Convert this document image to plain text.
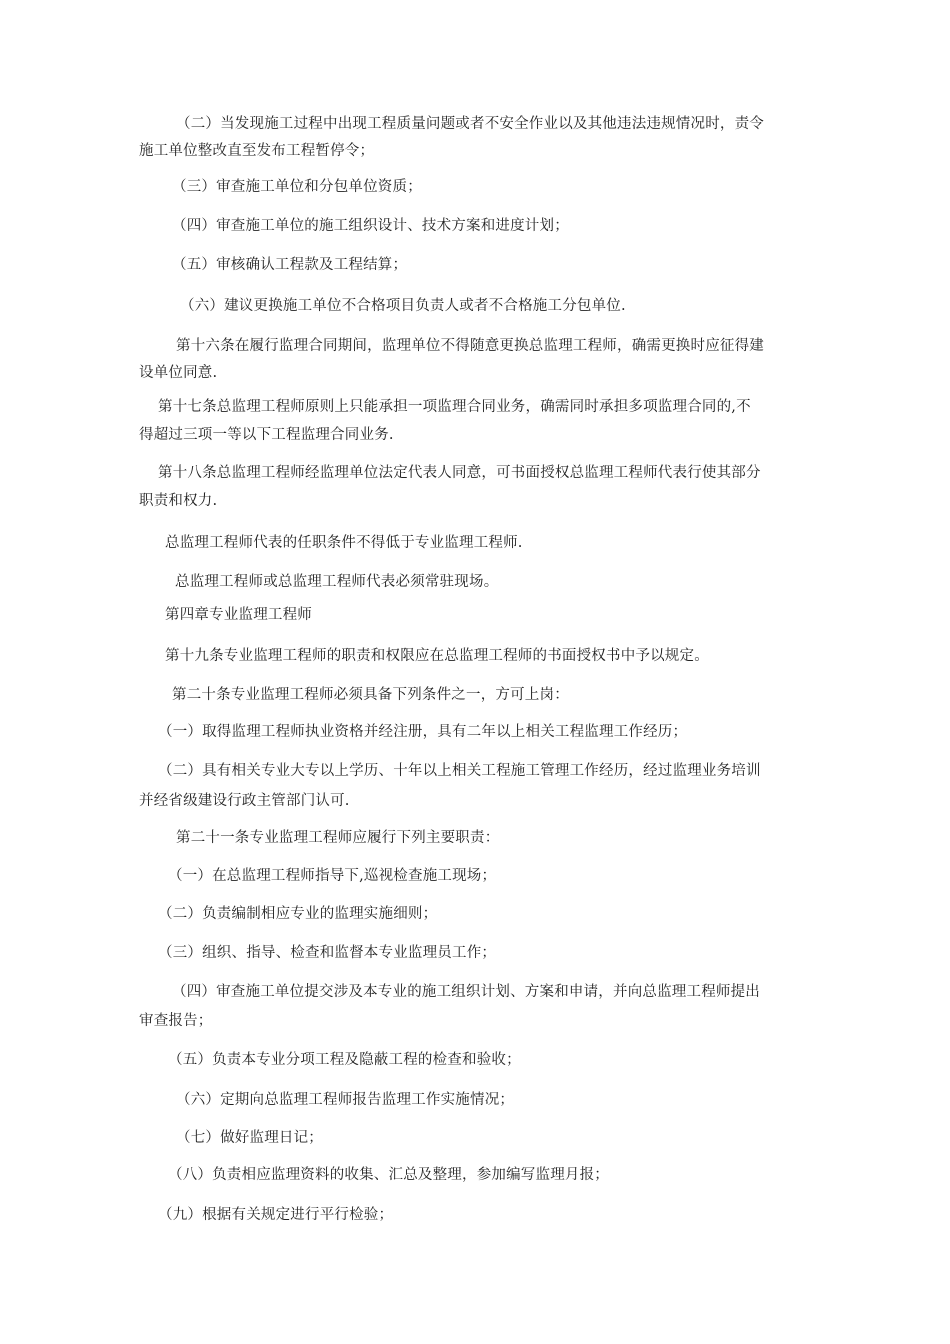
（二）当发现施工过程中出现工程质量问题或者不安全作业以及其他违法违规情况时，责令
施工单位整改直至发布工程暂停令；
（三）审查施工单位和分包单位资质；
（四）审查施工单位的施工组织设计、技术方案和进度计划；
（五）审核确认工程款及工程结算；
（六）建议更换施工单位不合格项目负责人或者不合格施工分包单位.
第十六条在履行监理合同期间，监理单位不得随意更换总监理工程师，确需更换时应征得建
设单位同意.
第十七条总监理工程师原则上只能承担一项监理合同业务，确需同时承担多项监理合同的,不
得超过三项一等以下工程监理合同业务.
第十八条总监理工程师经监理单位法定代表人同意，可书面授权总监理工程师代表行使其部分
职责和权力.
总监理工程师代表的任职条件不得低于专业监理工程师.
总监理工程师或总监理工程师代表必须常驻现场。
第四章专业监理工程师
第十九条专业监理工程师的职责和权限应在总监理工程师的书面授权书中予以规定。
第二十条专业监理工程师必须具备下列条件之一，方可上岗：
（一）取得监理工程师执业资格并经注册，具有二年以上相关工程监理工作经历；
（二）具有相关专业大专以上学历、十年以上相关工程施工管理工作经历，经过监理业务培训
并经省级建设行政主管部门认可.
第二十一条专业监理工程师应履行下列主要职责：
（一）在总监理工程师指导下,巡视检查施工现场；
（二）负责编制相应专业的监理实施细则；
（三）组织、指导、检查和监督本专业监理员工作；
（四）审查施工单位提交涉及本专业的施工组织计划、方案和申请，并向总监理工程师提出
审查报告；
（五）负责本专业分项工程及隐蔽工程的检查和验收；
（六）定期向总监理工程师报告监理工作实施情况；
（七）做好监理日记；
（八）负责相应监理资料的收集、汇总及整理，参加编写监理月报；
（九）根据有关规定进行平行检验；
